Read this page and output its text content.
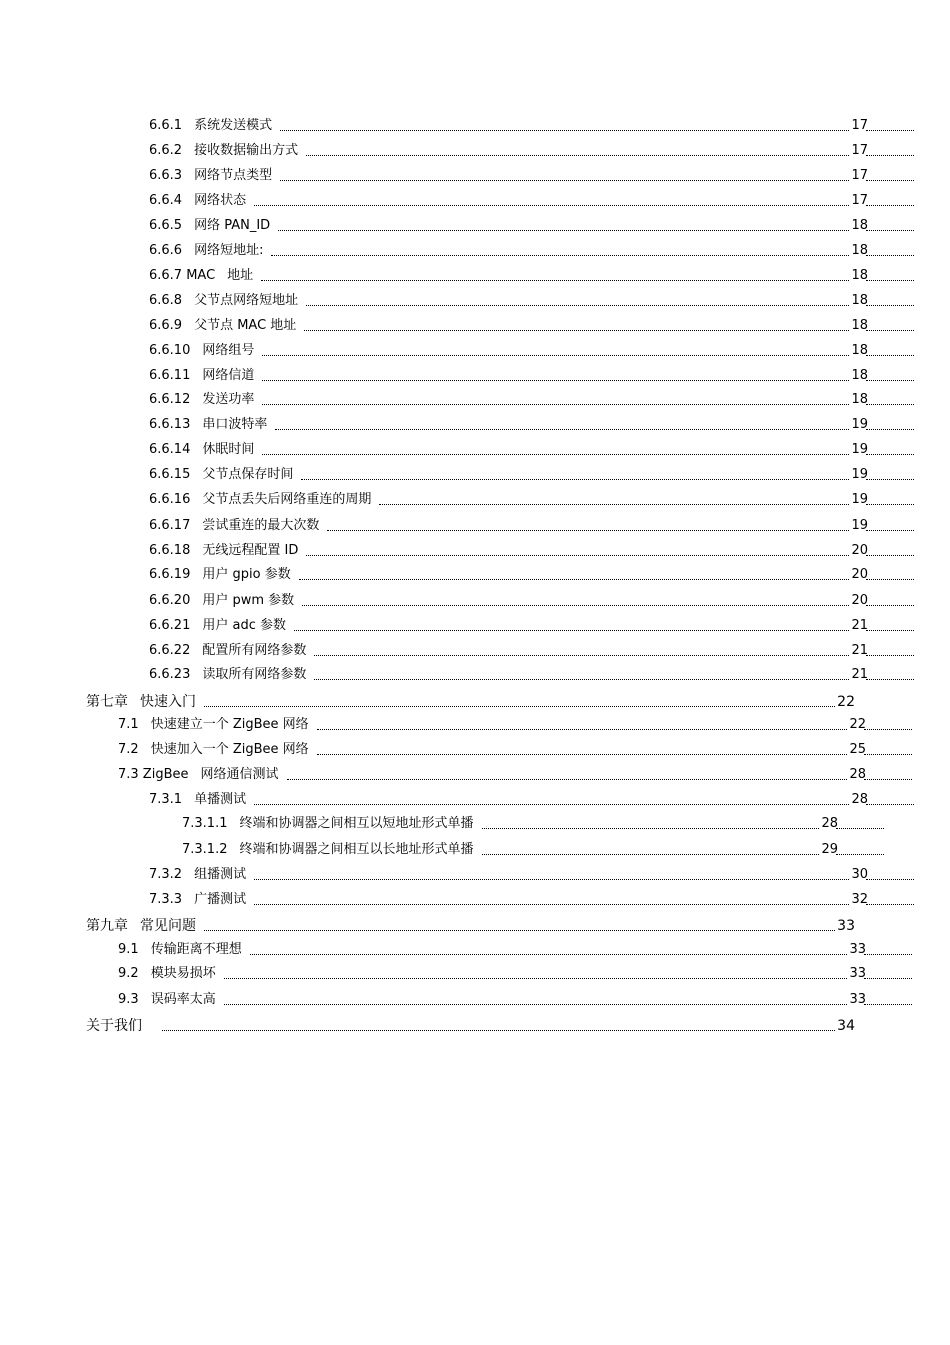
6.6.1 系统发送模式	17
6.6.2 接收数据输出方式	17
6.6.3 网络节点类型	17
6.6.4 网络状态	17
6.6.5 网络 PAN_ID	18
6.6.6 网络短地址:	18
6.6.7 MAC 地址	18
6.6.8 父节点网络短地址	18
6.6.9 父节点 MAC 地址	18
6.6.10 网络组号	18
6.6.11 网络信道	18
6.6.12 发送功率	18
6.6.13 串口波特率	19
6.6.14 休眠时间	19
6.6.15 父节点保存时间	19
6.6.16 父节点丢失后网络重连的周期	19
6.6.17 尝试重连的最大次数	19
6.6.18 无线远程配置 ID	20
6.6.19 用户 gpio 参数	20
6.6.20 用户 pwm 参数	20
6.6.21 用户 adc 参数	21
6.6.22 配置所有网络参数	21
6.6.23 读取所有网络参数	21
第七章 快速入门	22
7.1 快速建立一个 ZigBee 网络	22
7.2 快速加入一个 ZigBee 网络	25
7.3 ZigBee 网络通信测试	28
7.3.1 单播测试	28
7.3.1.1 终端和协调器之间相互以短地址形式单播	28
7.3.1.2 终端和协调器之间相互以长地址形式单播	29
7.3.2 组播测试	30
7.3.3 广播测试	32
第九章 常见问题	33
9.1 传输距离不理想	33
9.2 模块易损坏	33
9.3 误码率太高	33
关于我们	34
